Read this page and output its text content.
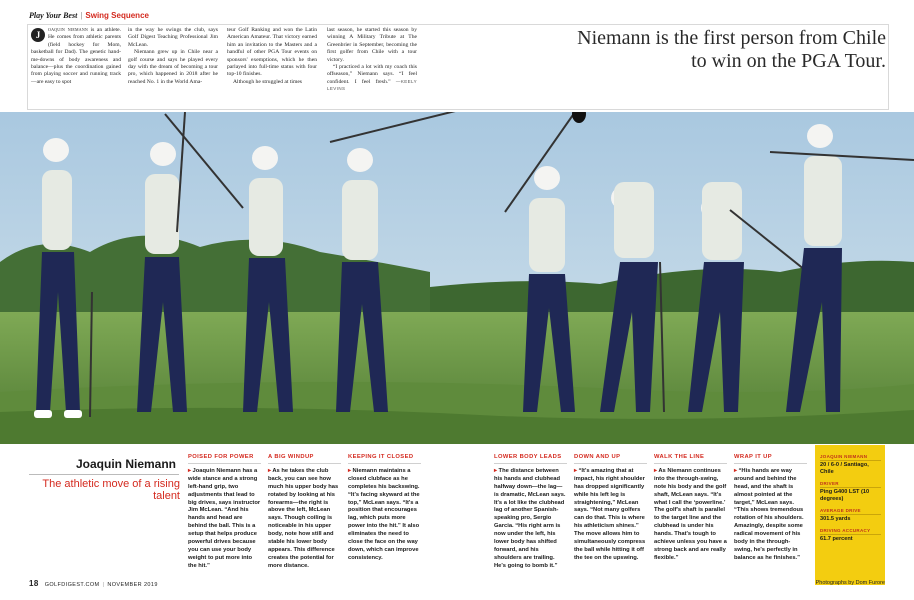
Play Your Best | Swing Sequence

J	oaquin niemann is an athlete. He comes from athletic parents (field hockey for Mom, basketball for Dad). The genetic hand-me-downs of body awareness and balance—plus the coordination gained from playing soccer and running track—are easy to spot

in the way he swings the club, says Golf Digest Teaching Professional Jim McLean.

Niemann grew up in Chile near a golf course and says he played every day with the dream of becoming a tour pro, which happened in 2018 after he reached No. 1 in the World Ama-

teur Golf Ranking and won the Latin American Amateur. That victory earned him an invitation to the Masters and a handful of other PGA Tour events on sponsors' exemptions, which he then parlayed into full-time status with four top-10 finishes.

Although he struggled at times

last season, he started this season by winning A Military Tribute at The Greenbrier in September, becoming the first golfer from Chile with a tour victory.

“I practiced a lot with my coach this offseason,” Niemann says. “I feel confident. I feel fresh.” —KEELY LEVINS

Niemann is the first person from Chile to win on the PGA Tour.
Joaquin Niemann
The athletic move of a rising talent
POISED FOR POWER
▸ Joaquin Niemann has a wide stance and a strong left-hand grip, two adjustments that lead to big drives, says instructor Jim McLean. “And his hands and head are behind the ball. This is a setup that helps produce powerful drives because you can use your body weight to put more into the hit.”
A BIG WINDUP
▸ As he takes the club back, you can see how much his upper body has rotated by looking at his forearms—the right is above the left, McLean says. Though coiling is noticeable in his upper body, note how still and stable his lower body appears. This difference creates the potential for more distance.
KEEPING IT CLOSED
▸ Niemann maintains a closed clubface as he completes his backswing. “It's facing skyward at the top,” McLean says. “It's a position that encourages lag, which puts more power into the hit.” It also eliminates the need to close the face on the way down, which can improve consistency.
LOWER BODY LEADS
▸ The distance between his hands and clubhead halfway down—the lag—is dramatic, McLean says. It's a lot like the clubhead lag of another Spanish-speaking pro, Sergio Garcia. “His right arm is now under the left, his lower body has shifted forward, and his shoulders are trailing. He's going to bomb it.”
DOWN AND UP
▸ “It's amazing that at impact, his right shoulder has dropped significantly while his left leg is straightening,” McLean says. “Not many golfers can do that. This is where his athleticism shines.” The move allows him to simultaneously compress the ball while hitting it off the tee on the upswing.
WALK THE LINE
▸ As Niemann continues into the through-swing, note his body and the golf shaft, McLean says. “It's what I call the ‘powerline.’ The golf's shaft is parallel to the target line and the clubhead is under his hands. That's tough to achieve unless you have a strong back and are really flexible.”
WRAP IT UP
▸ “His hands are way around and behind the head, and the shaft is almost pointed at the target,” McLean says. “This shows tremendous rotation of his shoulders. Amazingly, despite some radical movement of his body in the through-swing, he's perfectly in balance as he finishes.”
JOAQUIN NIEMANN
20 / 6-0 / Santiago, Chile
DRIVER
Ping G400 LST (10 degrees)
AVERAGE DRIVE
301.5 yards
DRIVING ACCURACY
61.7 percent
18 GOLFDIGEST.COM | NOVEMBER 2019	Photographs by Dom Furore
